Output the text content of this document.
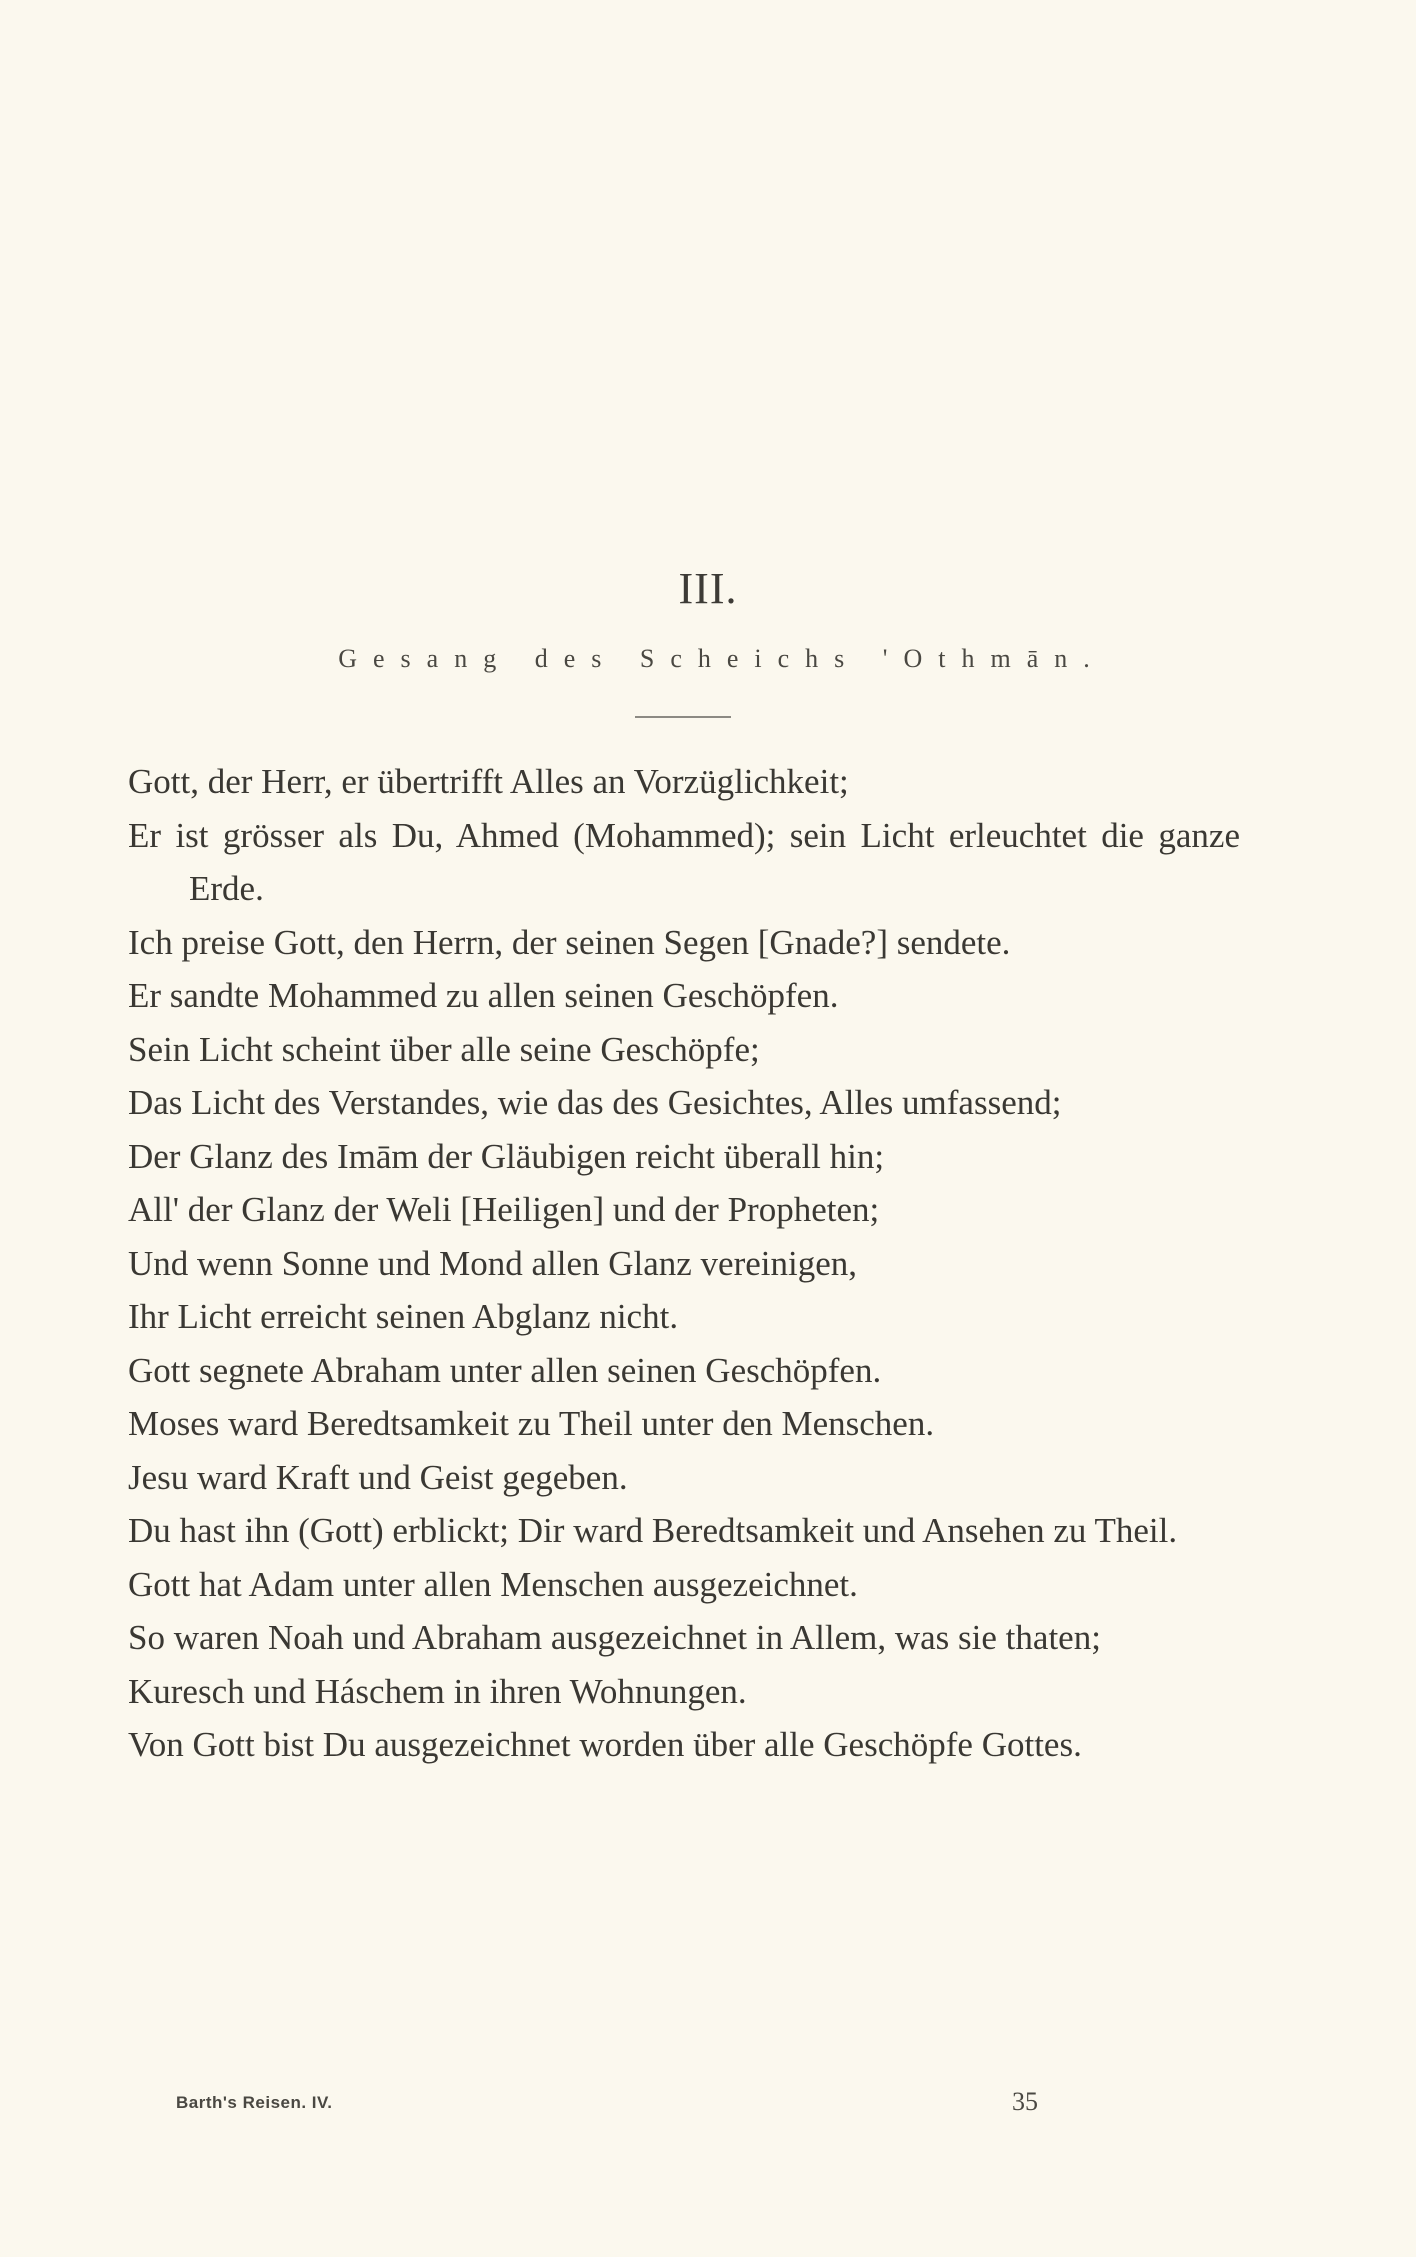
III.
Gesang des Scheichs 'Othmān.
Gott, der Herr, er übertrifft Alles an Vorzüglichkeit;
Er ist grösser als Du, Ahmed (Mohammed); sein Licht erleuchtet die ganze Erde.
Ich preise Gott, den Herrn, der seinen Segen [Gnade?] sendete.
Er sandte Mohammed zu allen seinen Geschöpfen.
Sein Licht scheint über alle seine Geschöpfe;
Das Licht des Verstandes, wie das des Gesichtes, Alles umfassend;
Der Glanz des Imām der Gläubigen reicht überall hin;
All' der Glanz der Weli [Heiligen] und der Propheten;
Und wenn Sonne und Mond allen Glanz vereinigen,
Ihr Licht erreicht seinen Abglanz nicht.
Gott segnete Abraham unter allen seinen Geschöpfen.
Moses ward Beredtsamkeit zu Theil unter den Menschen.
Jesu ward Kraft und Geist gegeben.
Du hast ihn (Gott) erblickt; Dir ward Beredtsamkeit und Ansehen zu Theil.
Gott hat Adam unter allen Menschen ausgezeichnet.
So waren Noah und Abraham ausgezeichnet in Allem, was sie thaten;
Kuresch und Háschem in ihren Wohnungen.
Von Gott bist Du ausgezeichnet worden über alle Geschöpfe Gottes.
Barth's Reisen. IV.	35
